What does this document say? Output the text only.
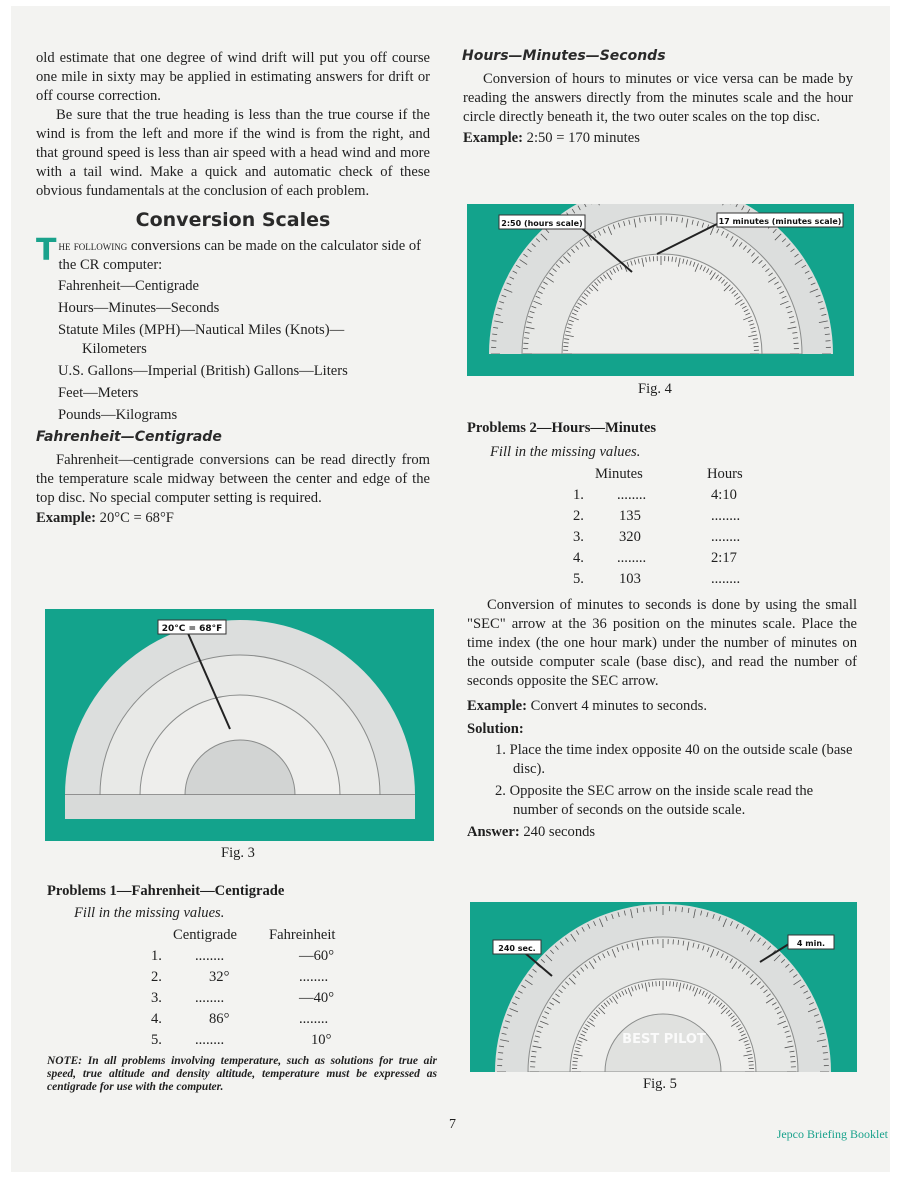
old estimate that one degree of wind drift will put you off course one mile in sixty may be applied in estimating answers for drift or off course correction.

Be sure that the true heading is less than the true course if the wind is from the left and more if the wind is from the right, and that ground speed is less than air speed with a head wind and more with a tail wind. Make a quick and automatic check of these obvious fundamentals at the conclusion of each problem.

Conversion Scales

The following conversions can be made on the calculator side of the CR computer:

Fahrenheit—Centigrade
Hours—Minutes—Seconds
Statute Miles (MPH)—Nautical Miles (Knots)—
Kilometers
U.S. Gallons—Imperial (British) Gallons—Liters
Feet—Meters
Pounds—Kilograms
Fahrenheit—Centigrade

Fahrenheit—centigrade conversions can be read directly from the temperature scale midway between the center and edge of the top disc. No special computer setting is required.

Example: 20°C = 68°F

20°C = 68°F
Fig. 3
Problems 1—Fahrenheit—Centigrade
Fill in the missing values.
	Centigrade	Fahreinheit
1.	........	—60°
2.	32°	........
3.	........	—40°
4.	86°	........
5.	........	10°
NOTE: In all problems involving temperature, such as solutions for true air speed, true altitude and density altitude, temperature must be expressed as centigrade for use with the computer.
Hours—Minutes—Seconds

Conversion of hours to minutes or vice versa can be made by reading the answers directly from the minutes scale and the hour circle directly beneath it, the two outer scales on the top disc.

Example: 2:50 = 170 minutes

2:50 (hours scale)	17 minutes (minutes scale)
Fig. 4
Problems 2—Hours—Minutes
Fill in the missing values.
	Minutes	Hours
1.	........	4:10
2.	135	........
3.	320	........
4.	........	2:17
5.	103	........

Conversion of minutes to seconds is done by using the small "SEC" arrow at the 36 position on the minutes scale. Place the time index (the one hour mark) under the number of minutes on the outside computer scale (base disc), and read the number of seconds opposite the SEC arrow.

Example: Convert 4 minutes to seconds.

Solution:

1. Place the time index opposite 40 on the outside scale (base disc).
2. Opposite the SEC arrow on the inside scale read the number of seconds on the outside scale.

Answer: 240 seconds

240 sec.
4 min.
BEST PILOT
Fig. 5
7
Jepco Briefing Booklet
